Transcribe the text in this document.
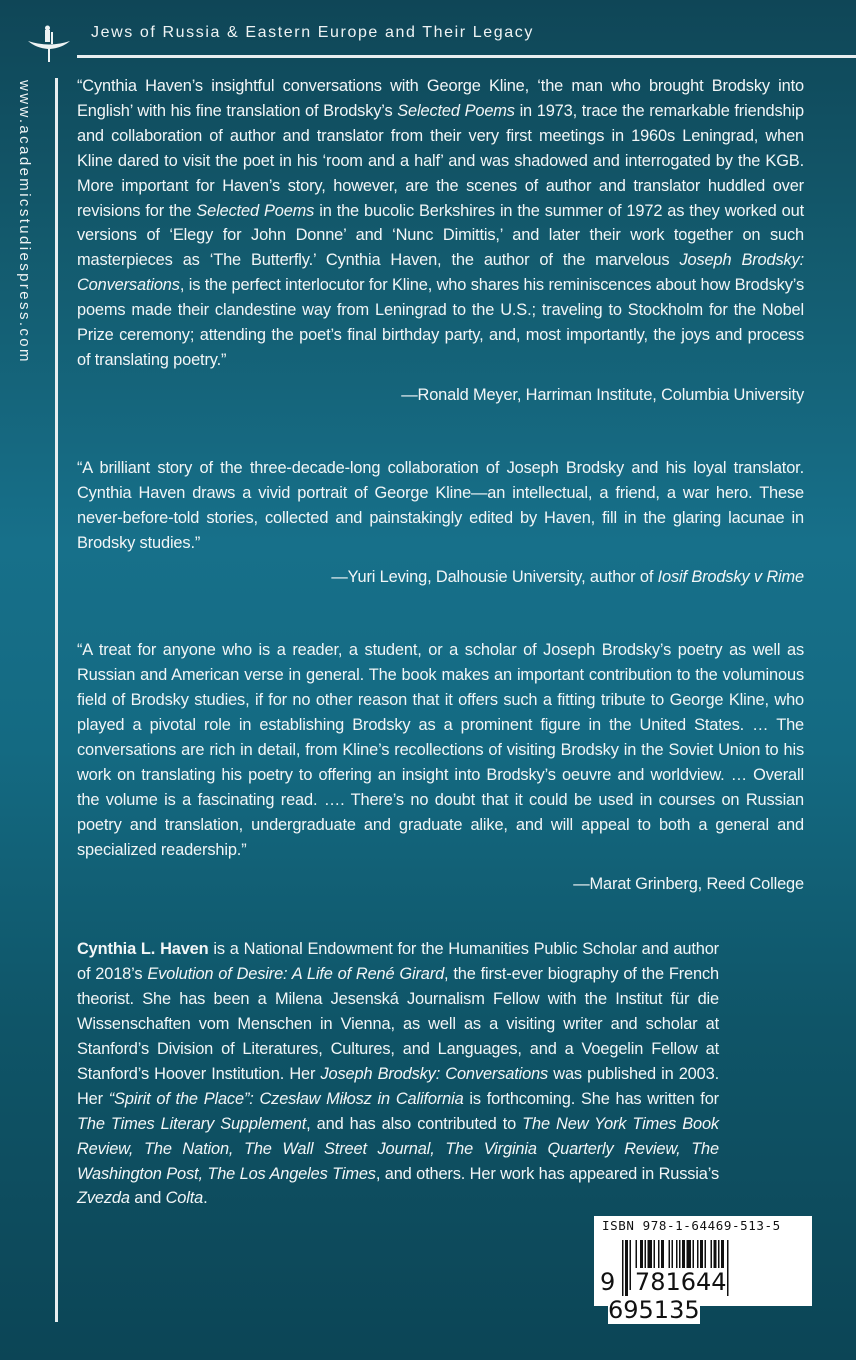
Jews of Russia & Eastern Europe and Their Legacy
www.academicstudiespress.com	“Cynthia Haven’s insightful conversations with George Kline, ‘the man who brought Brodsky into English’ with his fine translation of Brodsky’s Selected Poems in 1973, trace the remarkable friendship and collaboration of author and translator from their very first meetings in 1960s Leningrad, when Kline dared to visit the poet in his ‘room and a half’ and was shadowed and interrogated by the KGB. More important for Haven’s story, however, are the scenes of author and translator huddled over revisions for the Selected Poems in the bucolic Berkshires in the summer of 1972 as they worked out versions of ‘Elegy for John Donne’ and ‘Nunc Dimittis,’ and later their work together on such masterpieces as ‘The Butterfly.’ Cynthia Haven, the author of the marvelous Joseph Brodsky: Conversations, is the perfect interlocutor for Kline, who shares his reminiscences about how Brodsky’s poems made their clandestine way from Leningrad to the U.S.; traveling to Stockholm for the Nobel Prize ceremony; attending the poet’s final birthday party, and, most importantly, the joys and process of translating poetry.”

—Ronald Meyer, Harriman Institute, Columbia University

“A brilliant story of the three-decade-long collaboration of Joseph Brodsky and his loyal translator. Cynthia Haven draws a vivid portrait of George Kline—an intellectual, a friend, a war hero. These never-before-told stories, collected and painstakingly edited by Haven, fill in the glaring lacunae in Brodsky studies.”

—Yuri Leving, Dalhousie University, author of Iosif Brodsky v Rime

“A treat for anyone who is a reader, a student, or a scholar of Joseph Brodsky’s poetry as well as Russian and American verse in general. The book makes an important contribution to the voluminous field of Brodsky studies, if for no other reason that it offers such a fitting tribute to George Kline, who played a pivotal role in establishing Brodsky as a prominent figure in the United States. … The conversations are rich in detail, from Kline’s recollections of visiting Brodsky in the Soviet Union to his work on translating his poetry to offering an insight into Brodsky’s oeuvre and worldview. … Overall the volume is a fascinating read. …. There’s no doubt that it could be used in courses on Russian poetry and translation, undergraduate and graduate alike, and will appeal to both a general and specialized readership.”

—Marat Grinberg, Reed College

Cynthia L. Haven is a National Endowment for the Humanities Public Scholar and author of 2018’s Evolution of Desire: A Life of René Girard, the first-ever biography of the French theorist. She has been a Milena Jesenská Journalism Fellow with the Institut für die Wissenschaften vom Menschen in Vienna, as well as a visiting writer and scholar at Stanford’s Division of Literatures, Cultures, and Languages, and a Voegelin Fellow at Stanford’s Hoover Institution. Her Joseph Brodsky: Conversations was published in 2003. Her “Spirit of the Place”: Czesław Miłosz in California is forthcoming. She has written for The Times Literary Supplement, and has also contributed to The New York Times Book Review, The Nation, The Wall Street Journal, The Virginia Quarterly Review, The Washington Post, The Los Angeles Times, and others. Her work has appeared in Russia’s Zvezda and Colta.

ISBN 978-1-64469-513-5
9 781644 695135
